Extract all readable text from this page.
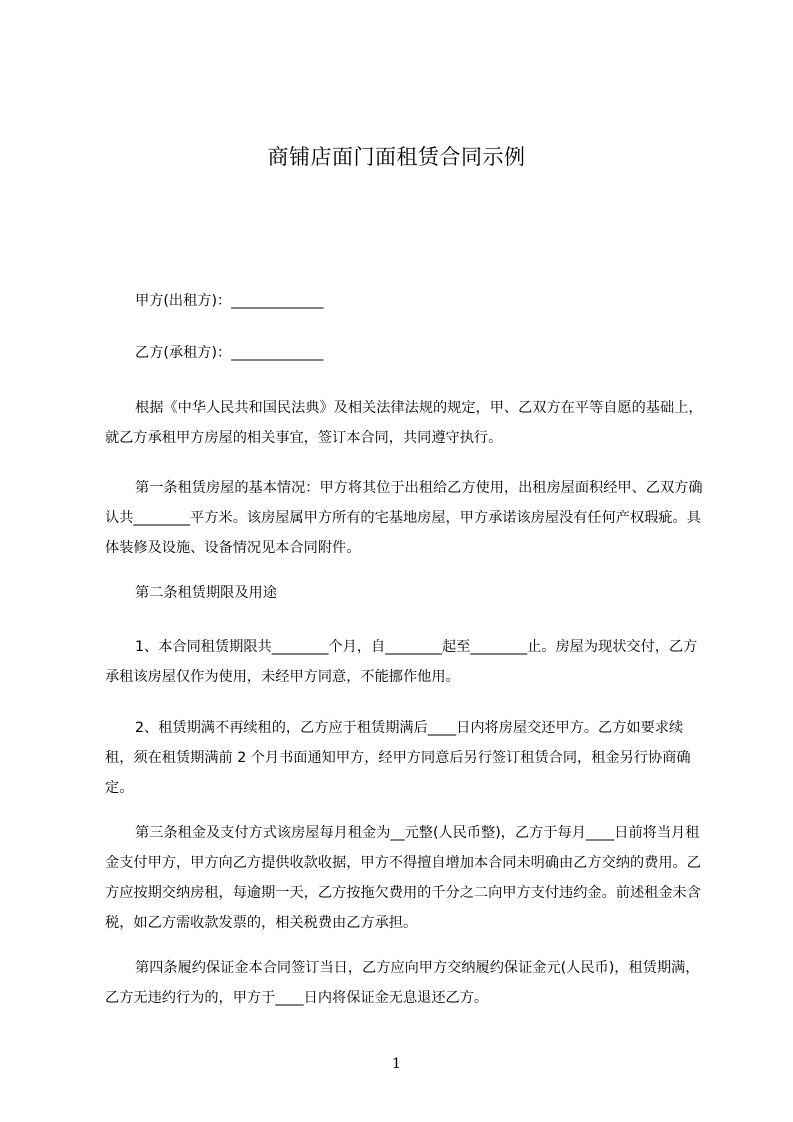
商铺店面门面租赁合同示例

甲方(出租方)：_____________

乙方(承租方)：_____________

根据《中华人民共和国民法典》及相关法律法规的规定，甲、乙双方在平等自愿的基础上，就乙方承租甲方房屋的相关事宜，签订本合同，共同遵守执行。

第一条租赁房屋的基本情况：甲方将其位于出租给乙方使用，出租房屋面积经甲、乙双方确认共________平方米。该房屋属甲方所有的宅基地房屋，甲方承诺该房屋没有任何产权瑕疵。具体装修及设施、设备情况见本合同附件。

第二条租赁期限及用途

1、本合同租赁期限共________个月，自________起至________止。房屋为现状交付，乙方承租该房屋仅作为使用，未经甲方同意，不能挪作他用。

2、租赁期满不再续租的，乙方应于租赁期满后____日内将房屋交还甲方。乙方如要求续租，须在租赁期满前 2 个月书面通知甲方，经甲方同意后另行签订租赁合同，租金另行协商确定。

第三条租金及支付方式该房屋每月租金为__元整(人民币整)，乙方于每月____日前将当月租金支付甲方，甲方向乙方提供收款收据，甲方不得擅自增加本合同未明确由乙方交纳的费用。乙方应按期交纳房租，每逾期一天，乙方按拖欠费用的千分之二向甲方支付违约金。前述租金未含税，如乙方需收款发票的，相关税费由乙方承担。

第四条履约保证金本合同签订当日，乙方应向甲方交纳履约保证金元(人民币)，租赁期满，乙方无违约行为的，甲方于____日内将保证金无息退还乙方。

1
